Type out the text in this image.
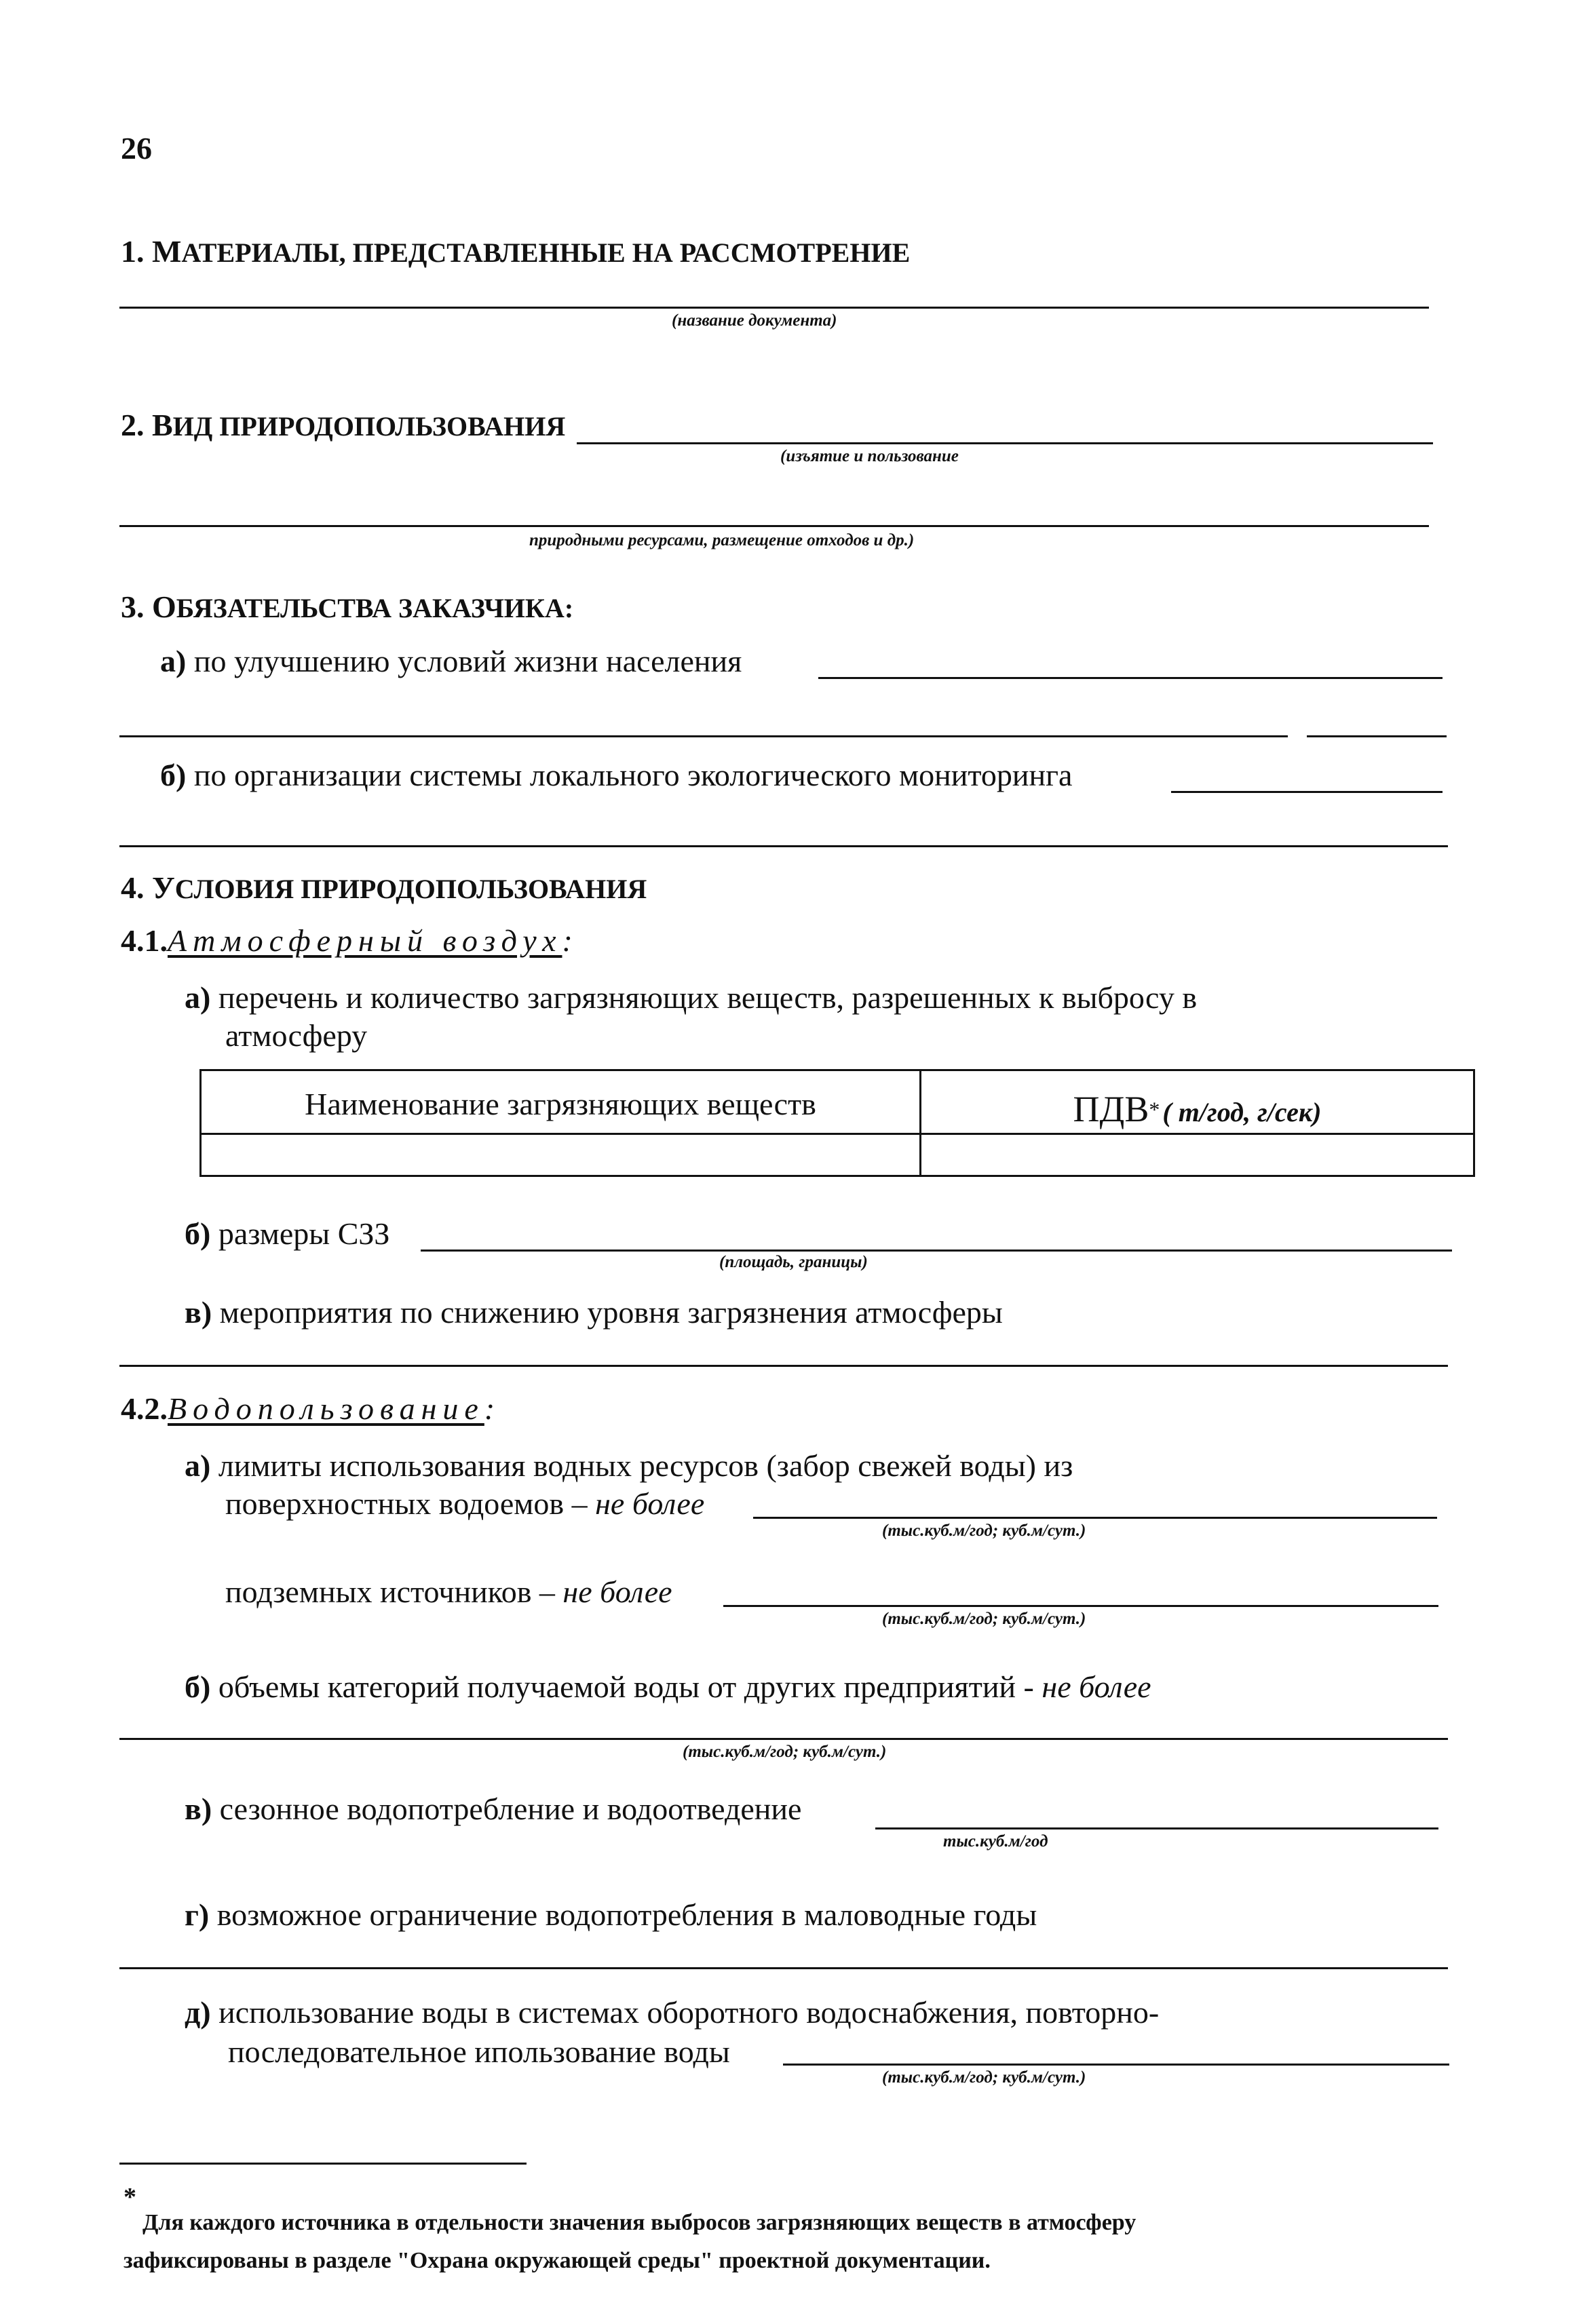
26
1. МАТЕРИАЛЫ, ПРЕДСТАВЛЕННЫЕ НА РАССМОТРЕНИЕ
(название документа)
2. ВИД ПРИРОДОПОЛЬЗОВАНИЯ
(изъятие и пользование
природными ресурсами, размещение отходов и др.)
3. ОБЯЗАТЕЛЬСТВА ЗАКАЗЧИКА:
а) по улучшению условий жизни населения
б) по организации системы локального экологического мониторинга
4. УСЛОВИЯ ПРИРОДОПОЛЬЗОВАНИЯ
4.1.Атмосферный воздух:
а) перечень и количество загрязняющих веществ, разрешенных к выбросу в
атмосферу
Наименование загрязняющих веществ	ПДВ* ( т/год, г/сек)

б) размеры СЗЗ
(площадь, границы)
в) мероприятия по снижению уровня загрязнения атмосферы
4.2.Водопользование:
а) лимиты использования водных ресурсов (забор свежей воды) из
поверхностных водоемов – не более
(тыс.куб.м/год; куб.м/сут.)
подземных источников – не более
(тыс.куб.м/год; куб.м/сут.)
б) объемы категорий получаемой воды от других предприятий - не более
(тыс.куб.м/год; куб.м/сут.)
в) сезонное водопотребление и водоотведение
тыс.куб.м/год
г) возможное ограничение водопотребления в маловодные годы
д) использование воды в системах оборотного водоснабжения, повторно-
последовательное ипользование воды
(тыс.куб.м/год; куб.м/сут.)
*
Для каждого источника в отдельности значения выбросов загрязняющих веществ в атмосферу
зафиксированы в разделе "Охрана окружающей среды" проектной документации.
